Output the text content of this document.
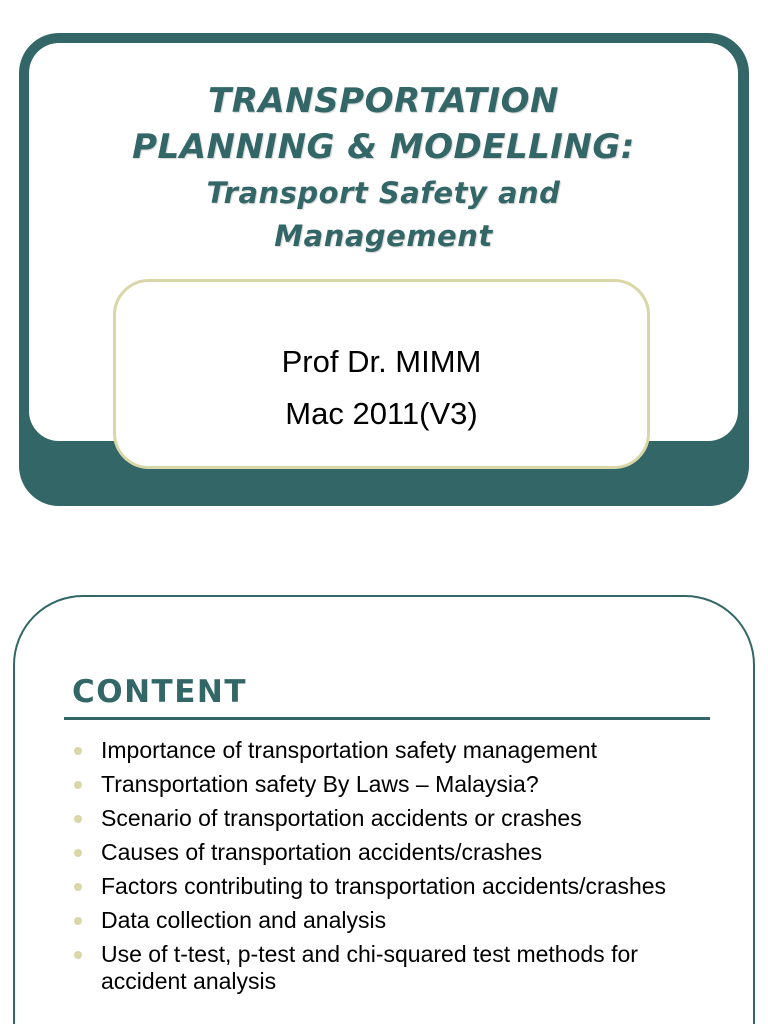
TRANSPORTATION
PLANNING & MODELLING:
Transport Safety and
Management
Prof Dr. MIMM
Mac 2011(V3)
CONTENT
Importance of transportation safety management
Transportation safety By Laws – Malaysia?
Scenario of transportation accidents or crashes
Causes of transportation accidents/crashes
Factors contributing to transportation accidents/crashes
Data collection and analysis
Use of t-test, p-test and chi-squared test methods for accident analysis
